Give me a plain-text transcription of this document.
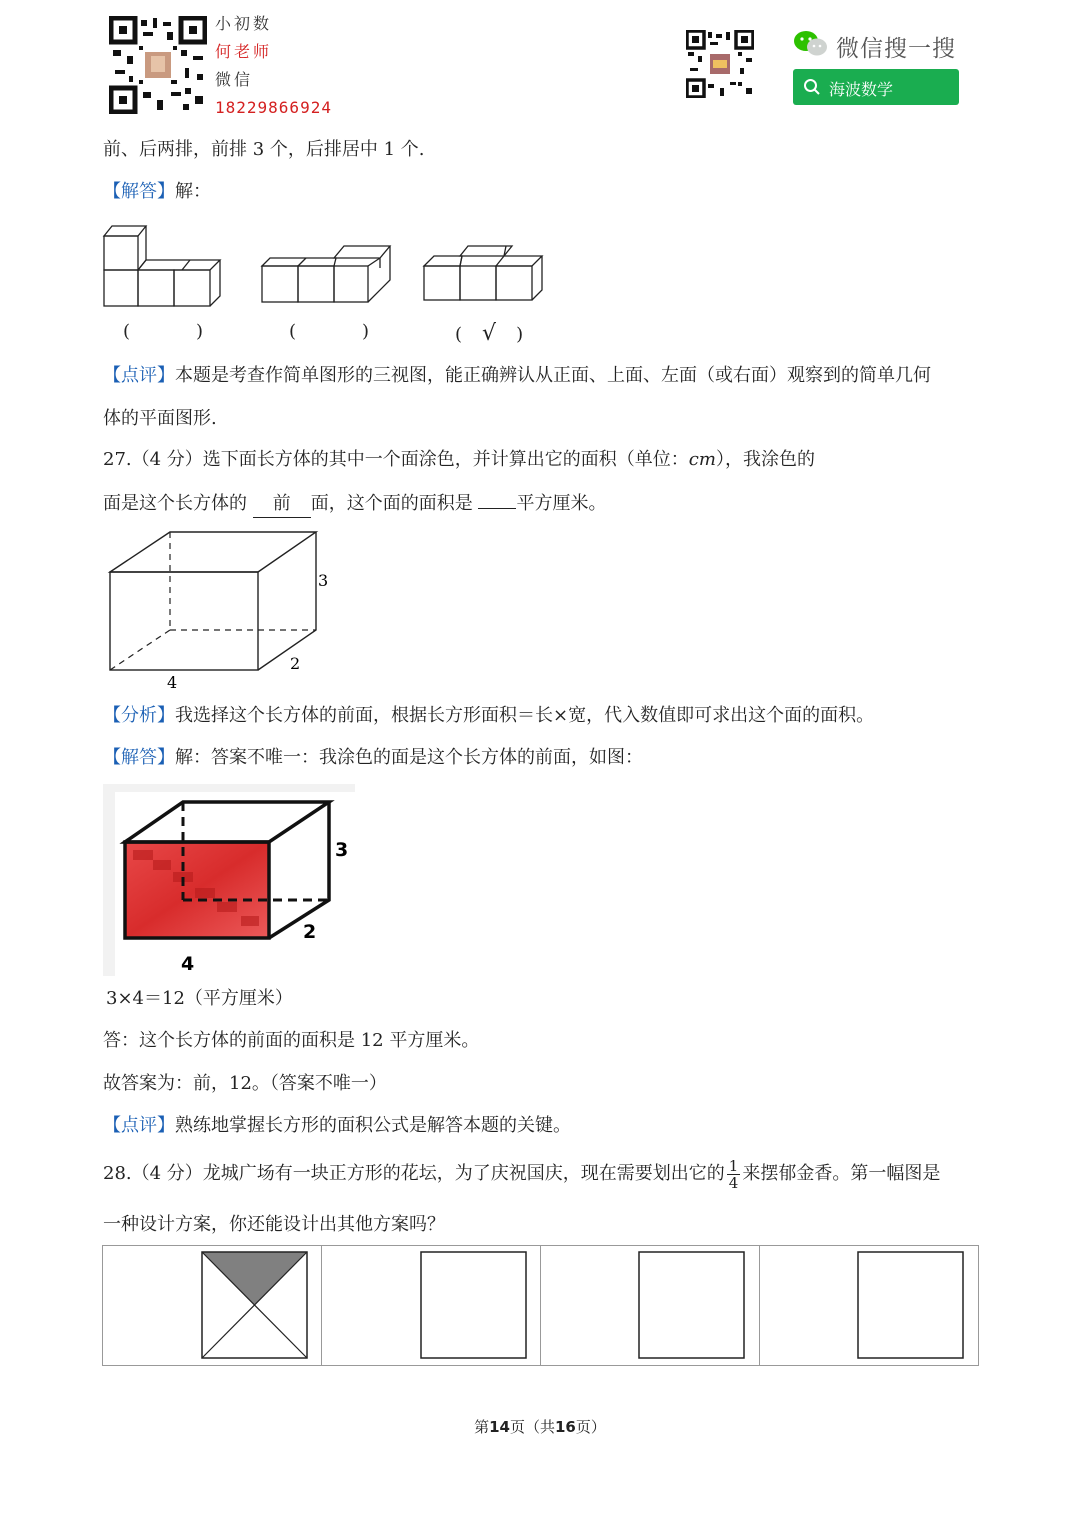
小初数
何老师
微信
18229866924
微信搜一搜
海波数学
前、后两排，前排 3 个，后排居中 1 个.
【解答】解：
(	)	(	)	( √ )
【点评】本题是考查作简单图形的三视图，能正确辨认从正面、上面、左面（或右面）观察到的简单几何
体的平面图形.
27.（4 分）选下面长方体的其中一个面涂色，并计算出它的面积（单位：cm），我涂色的
面是这个长方体的 前 面，这个面的面积是 平方厘米。
3
2
4
【分析】我选择这个长方体的前面，根据长方形面积＝长×宽，代入数值即可求出这个面的面积。
【解答】解：答案不唯一：我涂色的面是这个长方体的前面，如图：
3
2
4
3×4＝12（平方厘米）
答：这个长方体的前面的面积是 12 平方厘米。
故答案为：前，12。（答案不唯一）
【点评】熟练地掌握长方形的面积公式是解答本题的关键。
28.（4 分）龙城广场有一块正方形的花坛，为了庆祝国庆，现在需要划出它的 $\frac{1}{4}$ 来摆郁金香。第一幅图是
一种设计方案，你还能设计出其他方案吗？
第14页（共16页）
